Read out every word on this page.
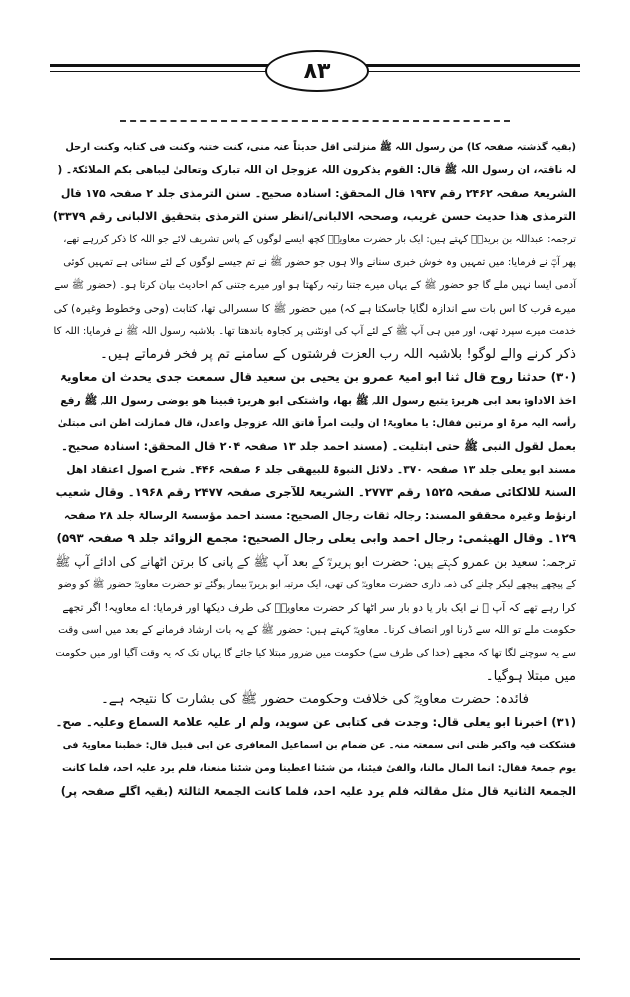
۸۳
(بقیہ گذشتہ صفحہ کا) من رسول اللہ ﷺ منزلتی اقل حدیثاً عنہ منی، کنت ختنہ وکنت فی کتابہ وکنت ارحل
لہ ناقتہ، ان رسول اللہ ﷺ قال: القوم یذکرون اللہ عزوجل ان اللہ تبارک وتعالیٰ لیباھی بکم الملائکۃ۔ (
الشریعۃ صفحہ ۲۴۶۲ رقم ۱۹۴۷ قال المحقق: اسنادہ صحیح۔ سنن الترمذی جلد ۲ صفحہ ۱۷۵ قال
الترمذی ھذا حدیث حسن غریب، وصححہ الالبانی/انظر سنن الترمذی بتحقیق الالبانی رقم ۳۳۷۹)
ترجمہ: عبداللہ بن بریدہؓ کہتے ہیں: ایک بار حضرت معاویہؓ کچھ ایسے لوگوں کے پاس تشریف لائے جو اللہ کا ذکر کررہے تھے،
پھر آپؓ نے فرمایا: میں تمہیں وہ خوش خبری سنانے والا ہوں جو حضور ﷺ نے تم جیسے لوگوں کے لئے سنائی ہے تمہیں کوئی
آدمی ایسا نہیں ملے گا جو حضور ﷺ کے یہاں میرے جتنا رتبہ رکھتا ہو اور میرے جتنی کم احادیث بیان کرتا ہو۔ (حضور ﷺ سے
میرے قرب کا اس بات سے اندازہ لگایا جاسکتا ہے کہ) میں حضور ﷺ کا سسرالی تھا، کتابت (وحی وخطوط وغیرہ) کی
خدمت میرے سپرد تھی، اور میں ہی آپ ﷺ کے لئے آپ کی اونٹنی پر کجاوہ باندھتا تھا۔ بلاشبہ رسول اللہ ﷺ نے فرمایا: اللہ کا
ذکر کرنے والے لوگو! بلاشبہ اللہ رب العزت فرشتوں کے سامنے تم پر فخر فرماتے ہیں۔
(۳۰) حدثنا روح قال ثنا ابو امیۃ عمرو بن یحیی بن سعید قال سمعت جدی یحدث ان معاویۃ
اخذ الاداوۃ بعد ابی ھریرۃ یتبع رسول اللہ ﷺ بھا، واشتکی ابو ھریرۃ فبینا ھو یوضی رسول اللہ ﷺ رفع
رأسہ الیہ مرۃ او مرتین فقال: یا معاویۃ! ان ولیت امراً فاتق اللہ عزوجل واعدل، قال فمازلت اظن انی مبتلیٰ
بعمل لقول النبی ﷺ حتی ابتلیت۔ (مسند احمد جلد ۱۳ صفحہ ۲۰۴ قال المحقق: اسنادہ صحیح۔
مسند ابو یعلی جلد ۱۳ صفحہ ۳۷۰۔ دلائل النبوۃ للبیھقی جلد ۶ صفحہ ۴۴۶۔ شرح اصول اعتقاد اھل
السنۃ للالکائی صفحہ ۱۵۲۵ رقم ۲۷۷۳۔ الشریعۃ للآجری صفحہ ۲۴۷۷ رقم ۱۹۶۸۔ وقال شعیب
ارنؤط وغیرہ محققو المسند: رجالہ ثقات رجال الصحیح: مسند احمد مؤسسۃ الرسالۃ جلد ۲۸ صفحہ
۱۲۹۔ وقال الھیثمی: رجال احمد وابی یعلی رجال الصحیح: مجمع الزوائد جلد ۹ صفحہ ۵۹۳)
ترجمہ: سعید بن عمرو کہتے ہیں: حضرت ابو ہریرہؓ کے بعد آپ ﷺ کے پانی کا برتن اٹھانے کی ادائے آپ ﷺ
کے پیچھے پیچھے لیکر چلنے کی ذمہ داری حضرت معاویہؓ کی تھی، ایک مرتبہ ابو ہریرہؓ بیمار ہوگئے تو حضرت معاویہؓ حضور ﷺ کو وضو
کرا رہے تھے کہ آپ ﷺ نے ایک بار یا دو بار سر اٹھا کر حضرت معاویہؓ کی طرف دیکھا اور فرمایا: اے معاویہ! اگر تجھے
حکومت ملے تو اللہ سے ڈرنا اور انصاف کرنا۔ معاویہؓ کہتے ہیں: حضور ﷺ کے یہ بات ارشاد فرمانے کے بعد میں اسی وقت
سے یہ سوچنے لگا تھا کہ مجھے (خدا کی طرف سے) حکومت میں ضرور مبتلا کیا جائے گا یہاں تک کہ یہ وقت آگیا اور میں حکومت
میں مبتلا ہوگیا۔
فائدہ: حضرت معاویہؓ کی خلافت وحکومت حضور ﷺ کی بشارت کا نتیجہ ہے۔
(۳۱) اخبرنا ابو یعلی قال: وجدت فی کتابی عن سوید، ولم ار علیہ علامۃ السماع وعلیہ۔ صح۔
فشککت فیہ واکبر ظنی انی سمعتہ منہ۔ عن ضمام بن اسماعیل المعافری عن ابی قبیل قال: خطبنا معاویۃ فی
یوم جمعۃ فقال: انما المال مالنا، والفیٔ فیئنا، من شئنا اعطینا ومن شئنا منعنا، فلم یرد علیہ احد، فلما کانت
الجمعۃ الثانیۃ قال مثل مقالتہ فلم یرد علیہ احد، فلما کانت الجمعۃ الثالثۃ (بقیہ اگلے صفحہ پر)
